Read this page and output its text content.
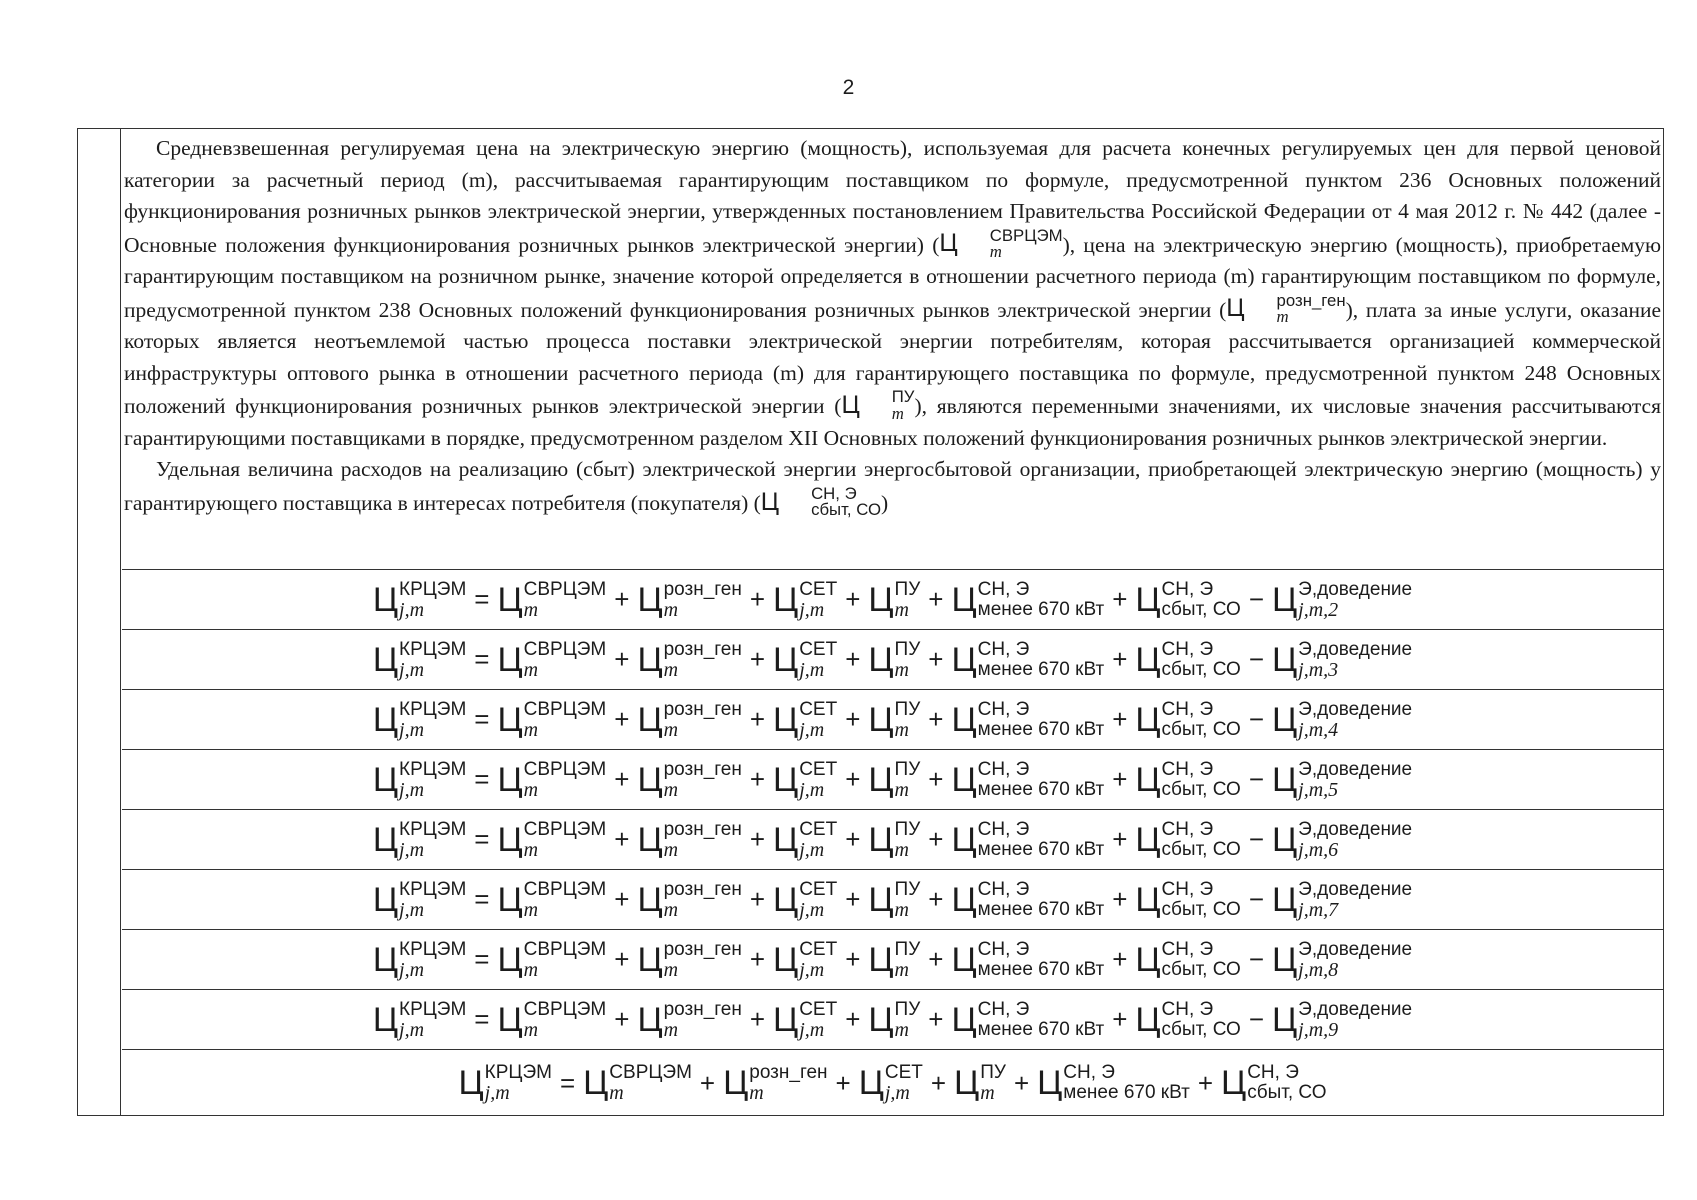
2

Средневзвешенная регулируемая цена на электрическую энергию (мощность), используемая для расчета конечных регулируемых цен для первой ценовой категории за расчетный период (m), рассчитываемая гарантирующим поставщиком по формуле, предусмотренной пунктом 236 Основных положений функционирования розничных рынков электрической энергии, утвержденных постановлением Правительства Российской Федерации от 4 мая 2012 г. № 442 (далее - Основные положения функционирования розничных рынков электрической энергии) (Ц	СВРЦЭМ
m	), цена на электрическую энергию (мощность), приобретаемую гарантирующим поставщиком на розничном рынке, значение которой определяется в отношении расчетного периода (m) гарантирующим поставщиком по формуле, предусмотренной пунктом 238 Основных положений функционирования розничных рынков электрической энергии (Ц	розн_ген
m	), плата за иные услуги, оказание которых является неотъемлемой частью процесса поставки электрической энергии потребителям, которая рассчитывается организацией коммерческой инфраструктуры оптового рынка в отношении расчетного периода (m) для гарантирующего поставщика по формуле, предусмотренной пунктом 248 Основных положений функционирования розничных рынков электрической энергии (Ц	ПУ
m ), являются переменными значениями, их числовые значения рассчитываются гарантирующими поставщиками в порядке, предусмотренном разделом XII Основных положений функционирования розничных рынков электрической энергии.

Удельная величина расходов на реализацию (сбыт) электрической энергии энергосбытовой организации, приобретающей электрическую энергию (мощность) у гарантирующего поставщика в интересах потребителя (покупателя) (Ц	СН, Э
сбыт, СО )

Ц КРЦЭМ
j,m	= Ц СВРЦЭМ
m	+ Ц розн_ген
m	+ Ц СЕТ
j,m + Ц ПУ
m + Ц СН, Э
менее 670 кВт + Ц СН, Э
сбыт, СО − Ц Э,доведение
j,m,2
Ц КРЦЭМ
j,m	= Ц СВРЦЭМ
m	+ Ц розн_ген
m	+ Ц СЕТ
j,m + Ц ПУ
m + Ц СН, Э
менее 670 кВт + Ц СН, Э
сбыт, СО − Ц Э,доведение
j,m,3
Ц КРЦЭМ
j,m	= Ц СВРЦЭМ
m	+ Ц розн_ген
m	+ Ц СЕТ
j,m + Ц ПУ
m + Ц СН, Э
менее 670 кВт + Ц СН, Э
сбыт, СО − Ц Э,доведение
j,m,4
Ц КРЦЭМ
j,m	= Ц СВРЦЭМ
m	+ Ц розн_ген
m	+ Ц СЕТ
j,m + Ц ПУ
m + Ц СН, Э
менее 670 кВт + Ц СН, Э
сбыт, СО − Ц Э,доведение
j,m,5
Ц КРЦЭМ
j,m	= Ц СВРЦЭМ
m	+ Ц розн_ген
m	+ Ц СЕТ
j,m + Ц ПУ
m + Ц СН, Э
менее 670 кВт + Ц СН, Э
сбыт, СО − Ц Э,доведение
j,m,6
Ц КРЦЭМ
j,m	= Ц СВРЦЭМ
m	+ Ц розн_ген
m	+ Ц СЕТ
j,m + Ц ПУ
m + Ц СН, Э
менее 670 кВт + Ц СН, Э
сбыт, СО − Ц Э,доведение
j,m,7
Ц КРЦЭМ
j,m	= Ц СВРЦЭМ
m	+ Ц розн_ген
m	+ Ц СЕТ
j,m + Ц ПУ
m + Ц СН, Э
менее 670 кВт + Ц СН, Э
сбыт, СО − Ц Э,доведение
j,m,8
Ц КРЦЭМ
j,m	= Ц СВРЦЭМ
m	+ Ц розн_ген
m	+ Ц СЕТ
j,m + Ц ПУ
m + Ц СН, Э
менее 670 кВт + Ц СН, Э
сбыт, СО − Ц Э,доведение
j,m,9
Ц КРЦЭМ
j,m	= Ц СВРЦЭМ
m	+ Ц розн_ген
m	+ Ц СЕТ
j,m + Ц ПУ
m + Ц СН, Э
менее 670 кВт + Ц СН, Э
сбыт, СО
